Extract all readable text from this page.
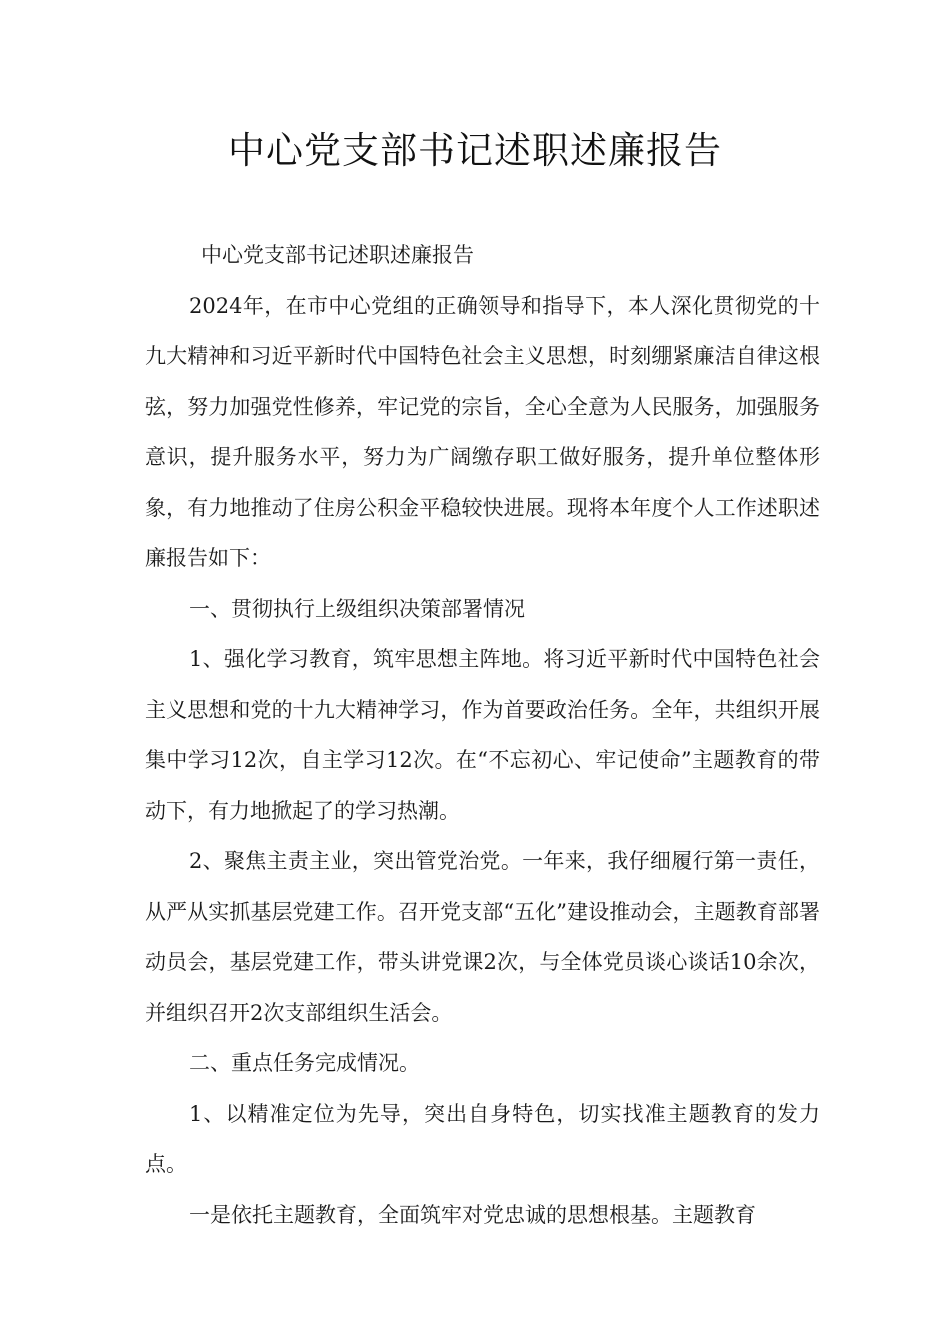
中心党支部书记述职述廉报告

中心党支部书记述职述廉报告

2024年，在市中心党组的正确领导和指导下，本人深化贯彻党的十九大精神和习近平新时代中国特色社会主义思想，时刻绷紧廉洁自律这根弦，努力加强党性修养，牢记党的宗旨，全心全意为人民服务，加强服务意识，提升服务水平，努力为广阔缴存职工做好服务，提升单位整体形象，有力地推动了住房公积金平稳较快进展。现将本年度个人工作述职述廉报告如下：

一、贯彻执行上级组织决策部署情况

1、强化学习教育，筑牢思想主阵地。将习近平新时代中国特色社会主义思想和党的十九大精神学习，作为首要政治任务。全年，共组织开展集中学习12次，自主学习12次。在“不忘初心、牢记使命”主题教育的带动下，有力地掀起了的学习热潮。

2、聚焦主责主业，突出管党治党。一年来，我仔细履行第一责任，从严从实抓基层党建工作。召开党支部“五化”建设推动会，主题教育部署动员会，基层党建工作，带头讲党课2次，与全体党员谈心谈话10余次，并组织召开2次支部组织生活会。

二、重点任务完成情况。

1、以精准定位为先导，突出自身特色，切实找准主题教育的发力点。

一是依托主题教育，全面筑牢对党忠诚的思想根基。主题教育
